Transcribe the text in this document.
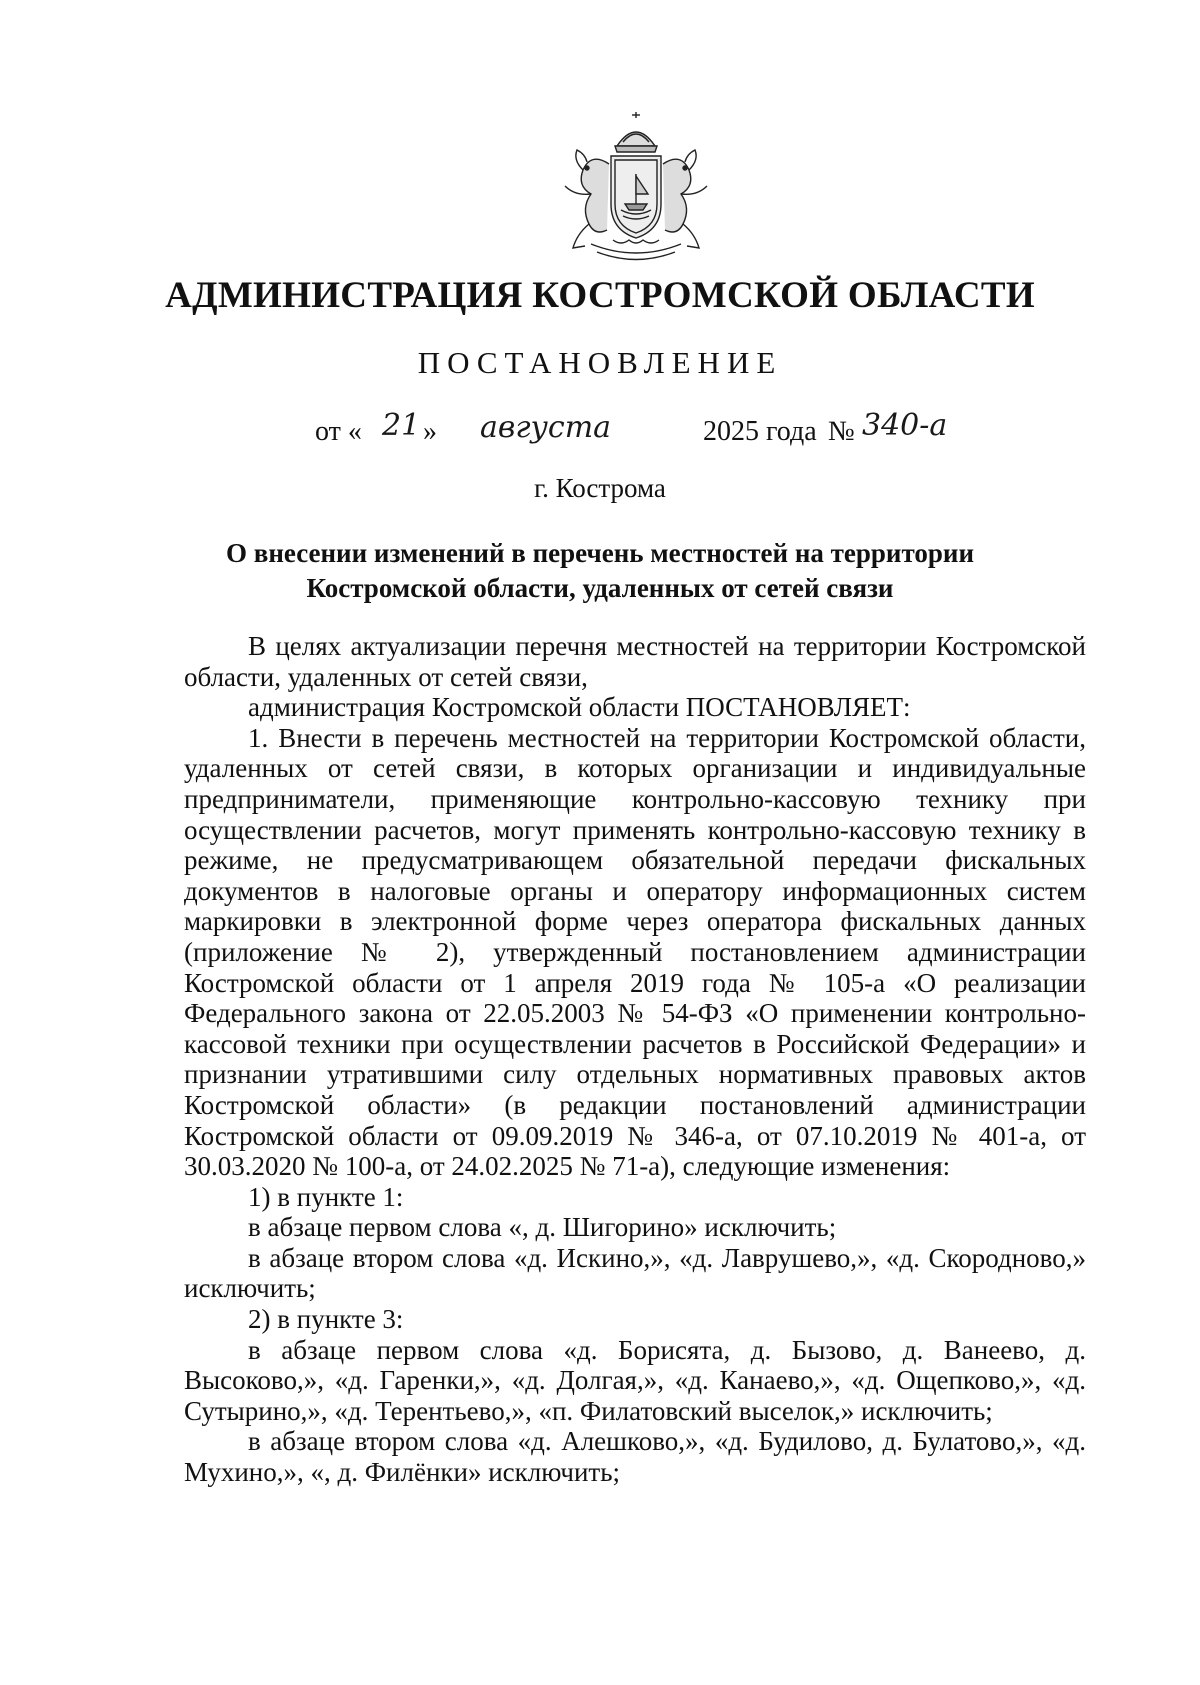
АДМИНИСТРАЦИЯ КОСТРОМСКОЙ ОБЛАСТИ
ПОСТАНОВЛЕНИЕ
от « 21 » августа	2025 года № 340-а
г. Кострома
О внесении изменений в перечень местностей на территории
Костромской области, удаленных от сетей связи

В целях актуализации перечня местностей на территории Костромской области, удаленных от сетей связи,

администрация Костромской области ПОСТАНОВЛЯЕТ:

1. Внести в перечень местностей на территории Костромской области, удаленных от сетей связи, в которых организации и индивидуальные предприниматели, применяющие контрольно-кассовую технику при осуществлении расчетов, могут применять контрольно-кассовую технику в режиме, не предусматривающем обязательной передачи фискальных документов в налоговые органы и оператору информационных систем маркировки в электронной форме через оператора фискальных данных (приложение № 2), утвержденный постановлением администрации Костромской области от 1 апреля 2019 года № 105-а «О реализации Федерального закона от 22.05.2003 № 54-ФЗ «О применении контрольно-кассовой техники при осуществлении расчетов в Российской Федерации» и признании утратившими силу отдельных нормативных правовых актов Костромской области» (в редакции постановлений администрации Костромской области от 09.09.2019 № 346-а, от 07.10.2019 № 401-а, от 30.03.2020 № 100-а, от 24.02.2025 № 71-а), следующие изменения:

1) в пункте 1:

в абзаце первом слова «, д. Шигорино» исключить;

в абзаце втором слова «д. Искино,», «д. Лаврушево,», «д. Скородново,» исключить;

2) в пункте 3:

в абзаце первом слова «д. Борисята, д. Бызово, д. Ванеево, д. Высоково,», «д. Гаренки,», «д. Долгая,», «д. Канаево,», «д. Ощепково,», «д. Сутырино,», «д. Терентьево,», «п. Филатовский выселок,» исключить;

в абзаце втором слова «д. Алешково,», «д. Будилово, д. Булатово,», «д. Мухино,», «, д. Филёнки» исключить;
